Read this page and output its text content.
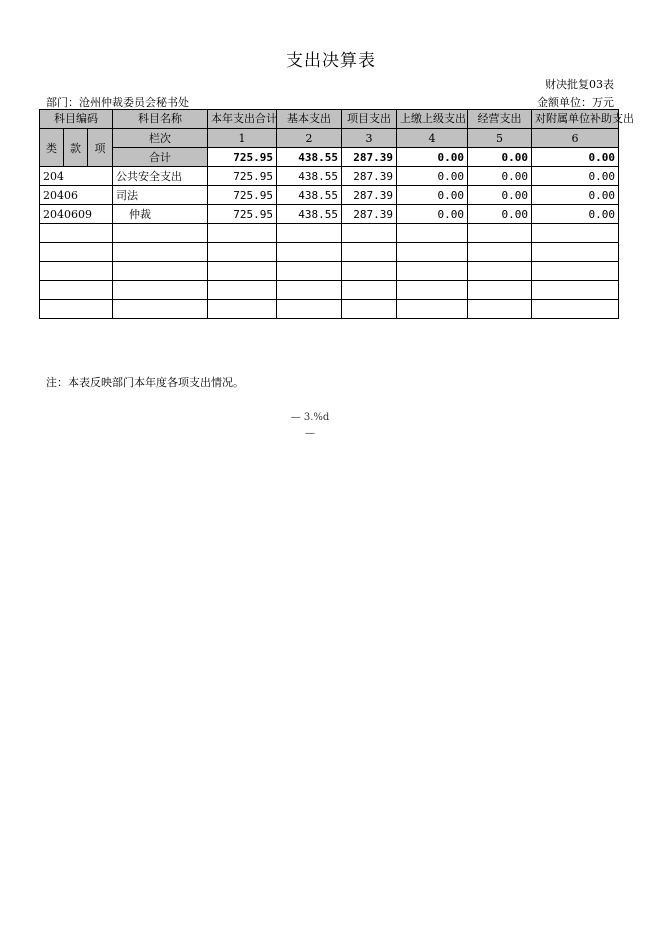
支出决算表
财决批复03表
部门：沧州仲裁委员会秘书处	金额单位：万元
科目编码			科目名称	本年支出合计	基本支出	项目支出	上缴上级支出	经营支出	对附属单位补助支出
类	款	项	栏次	1	2	3	4	5	6
			合计	725.95	438.55	287.39	0.00	0.00	0.00
204			公共安全支出	725.95	438.55	287.39	0.00	0.00	0.00
20406			司法	725.95	438.55	287.39	0.00	0.00	0.00
2040609			仲裁	725.95	438.55	287.39	0.00	0.00	0.00

注：本表反映部门本年度各项支出情况。
— 3.%d
—
